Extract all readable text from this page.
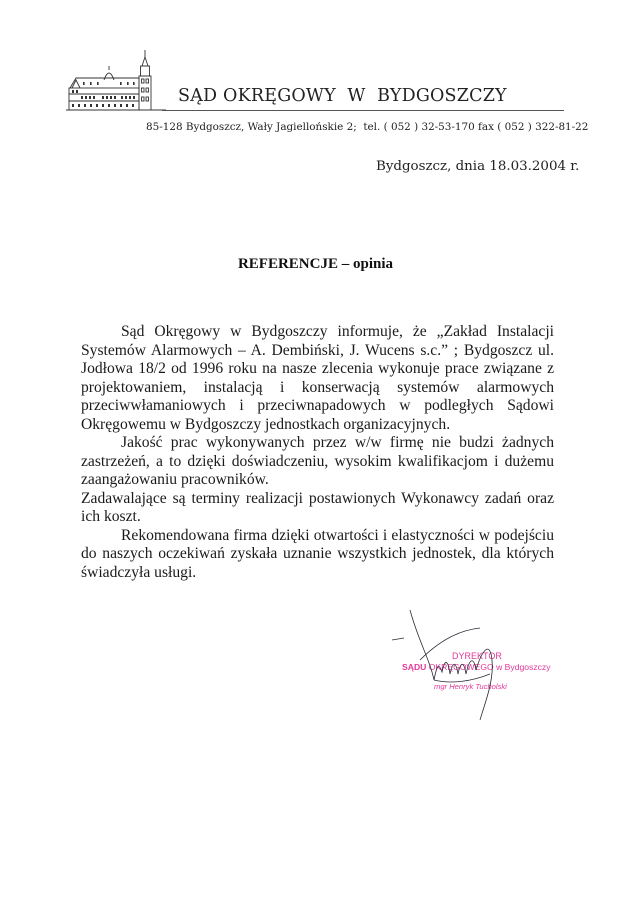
SĄD OKRĘGOWY  W  BYDGOSZCZY
85-128 Bydgoszcz, Wały Jagiellońskie 2;  tel. ( 052 ) 32-53-170 fax ( 052 ) 322-81-22
Bydgoszcz, dnia 18.03.2004 r.
REFERENCJE – opinia

Sąd Okręgowy w Bydgoszczy informuje, że „Zakład Instalacji Systemów Alarmowych – A. Dembiński, J. Wucens s.c.” ; Bydgoszcz ul. Jodłowa 18/2 od 1996 roku na nasze zlecenia wykonuje prace związane z projektowaniem, instalacją i konserwacją systemów alarmowych przeciwwłamaniowych i przeciwnapadowych w podległych Sądowi Okręgowemu w Bydgoszczy jednostkach organizacyjnych.

Jakość prac wykonywanych przez w/w firmę nie budzi żadnych zastrzeżeń, a to dzięki doświadczeniu, wysokim kwalifikacjom i dużemu zaangażowaniu pracowników.

Zadawalające są terminy realizacji postawionych Wykonawcy zadań oraz ich koszt.

Rekomendowana firma dzięki otwartości i elastyczności w podejściu do naszych oczekiwań zyskała uznanie wszystkich jednostek, dla których świadczyła usługi.

DYREKTOR
SĄDU OKRĘGOWEGO w Bydgoszczy
mgr Henryk Tucholski
